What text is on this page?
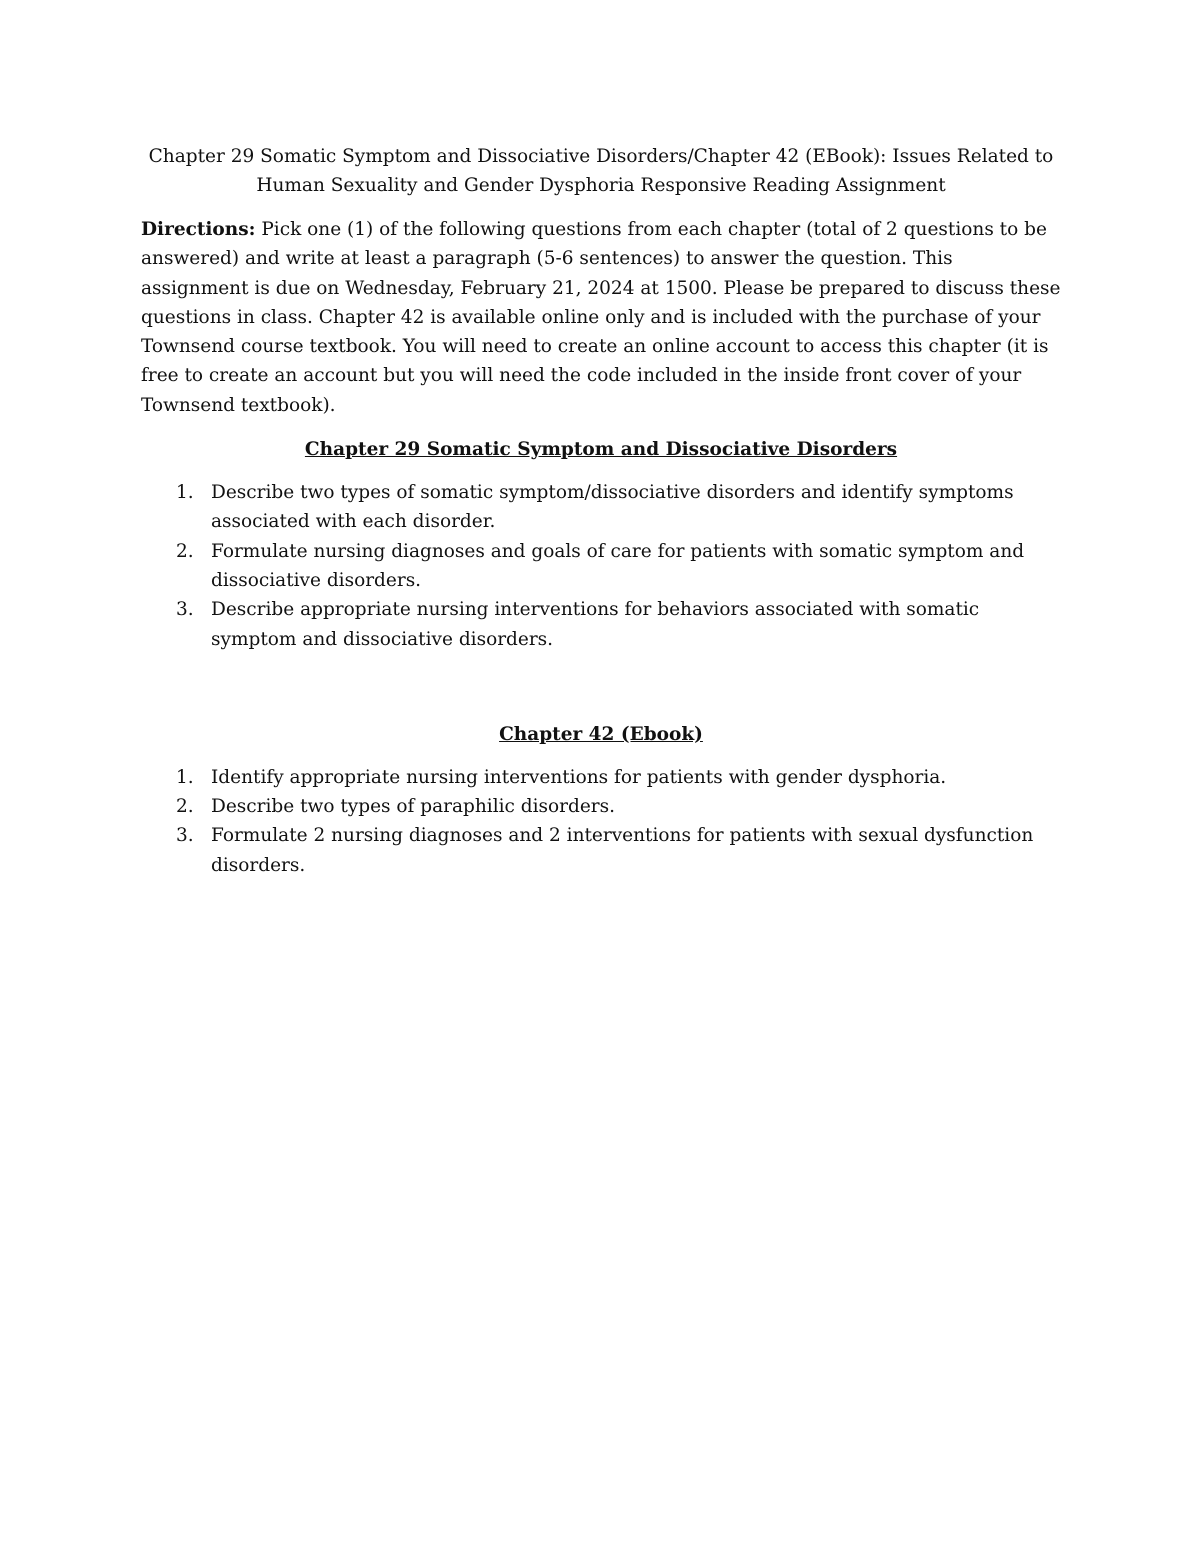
Chapter 29 Somatic Symptom and Dissociative Disorders/Chapter 42 (EBook): Issues Related to Human Sexuality and Gender Dysphoria Responsive Reading Assignment

Directions: Pick one (1) of the following questions from each chapter (total of 2 questions to be answered) and write at least a paragraph (5-6 sentences) to answer the question. This assignment is due on Wednesday, February 21, 2024 at 1500. Please be prepared to discuss these questions in class. Chapter 42 is available online only and is included with the purchase of your Townsend course textbook. You will need to create an online account to access this chapter (it is free to create an account but you will need the code included in the inside front cover of your Townsend textbook).

Chapter 29 Somatic Symptom and Dissociative Disorders

1. Describe two types of somatic symptom/dissociative disorders and identify symptoms associated with each disorder.
2. Formulate nursing diagnoses and goals of care for patients with somatic symptom and dissociative disorders.
3. Describe appropriate nursing interventions for behaviors associated with somatic symptom and dissociative disorders.

Chapter 42 (Ebook)

1. Identify appropriate nursing interventions for patients with gender dysphoria.
2. Describe two types of paraphilic disorders.
3. Formulate 2 nursing diagnoses and 2 interventions for patients with sexual dysfunction disorders.
